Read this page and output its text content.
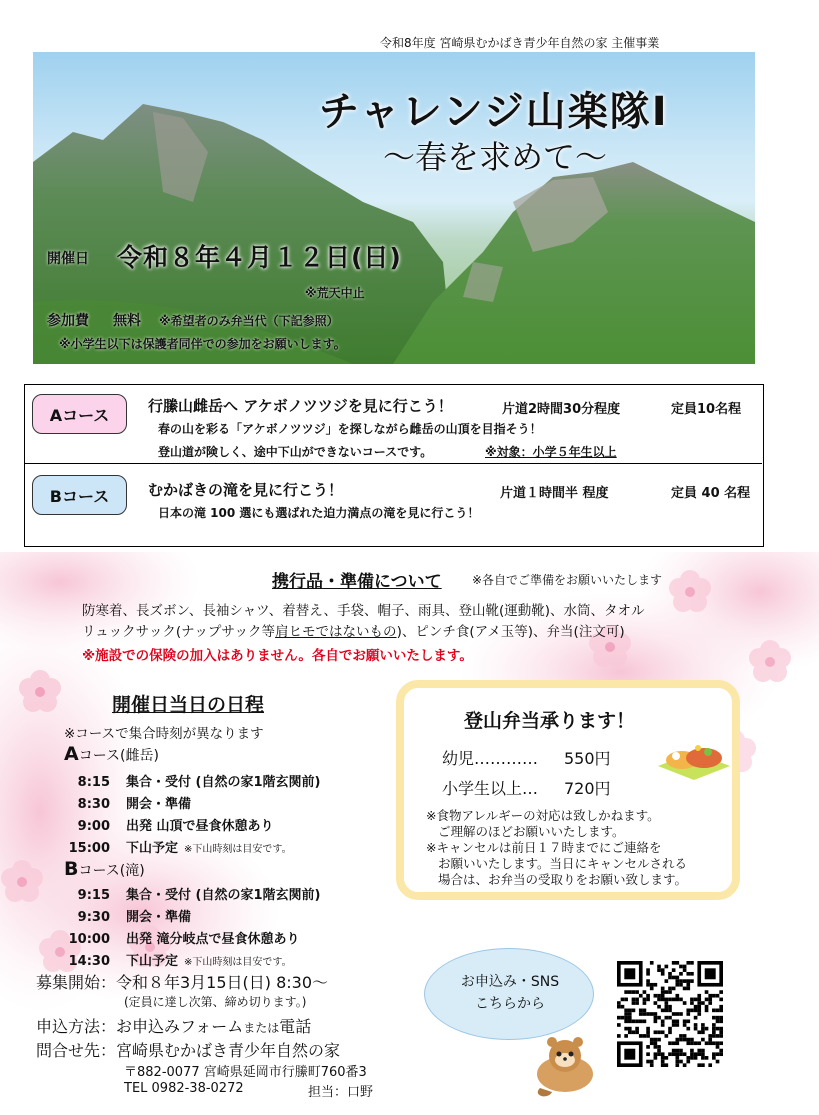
令和8年度 宮崎県むかばき青少年自然の家 主催事業
チャレンジ山楽隊Ⅰ
～春を求めて～
開催日 令和８年４月１２日(日)
※荒天中止
参加費 無料 ※希望者のみ弁当代（下記参照）
※小学生以下は保護者同伴での参加をお願いします。
Aコース	行縢山雌岳へ アケボノツツジを見に行こう！	片道2時間30分程度	定員10名程
春の山を彩る「アケボノツツジ」を探しながら雌岳の山頂を目指そう！
登山道が険しく、途中下山ができないコースです。	※対象：小学５年生以上
Bコース	むかばきの滝を見に行こう！	片道１時間半 程度	定員 40 名程
日本の滝 100 選にも選ばれた迫力満点の滝を見に行こう！
携行品・準備について	※各自でご準備をお願いいたします
防寒着、長ズボン、長袖シャツ、着替え、手袋、帽子、雨具、登山靴(運動靴)、水筒、タオル
リュックサック(ナップサック等肩ヒモではないもの)、ピンチ食(アメ玉等)、弁当(注文可)
※施設での保険の加入はありません。各自でお願いいたします。
開催日当日の日程
※コースで集合時刻が異なります
Aコース(雌岳)
8:15 集合・受付 (自然の家1階玄関前)
8:30 開会・準備
9:00 出発 山頂で昼食休憩あり
15:00 下山予定 ※下山時刻は目安です。
Bコース(滝)
9:15 集合・受付 (自然の家1階玄関前)
9:30 開会・準備
10:00 出発 滝分岐点で昼食休憩あり
14:30 下山予定 ※下山時刻は目安です。
登山弁当承ります！
幼児………… 550円
小学生以上… 720円
※食物アレルギーの対応は致しかねます。
ご理解のほどお願いいたします。
※キャンセルは前日１７時までにご連絡を
お願いいたします。当日にキャンセルされる
場合は、お弁当の受取りをお願い致します。
募集開始：令和８年3月15日(日) 8:30～
(定員に達し次第、締め切ります。)
申込方法：お申込みフォームまたは電話
問合せ先：宮崎県むかばき青少年自然の家
〒882-0077 宮崎県延岡市行縢町760番3
TEL 0982-38-0272	担当：口野
お申込み・SNS
こちらから
